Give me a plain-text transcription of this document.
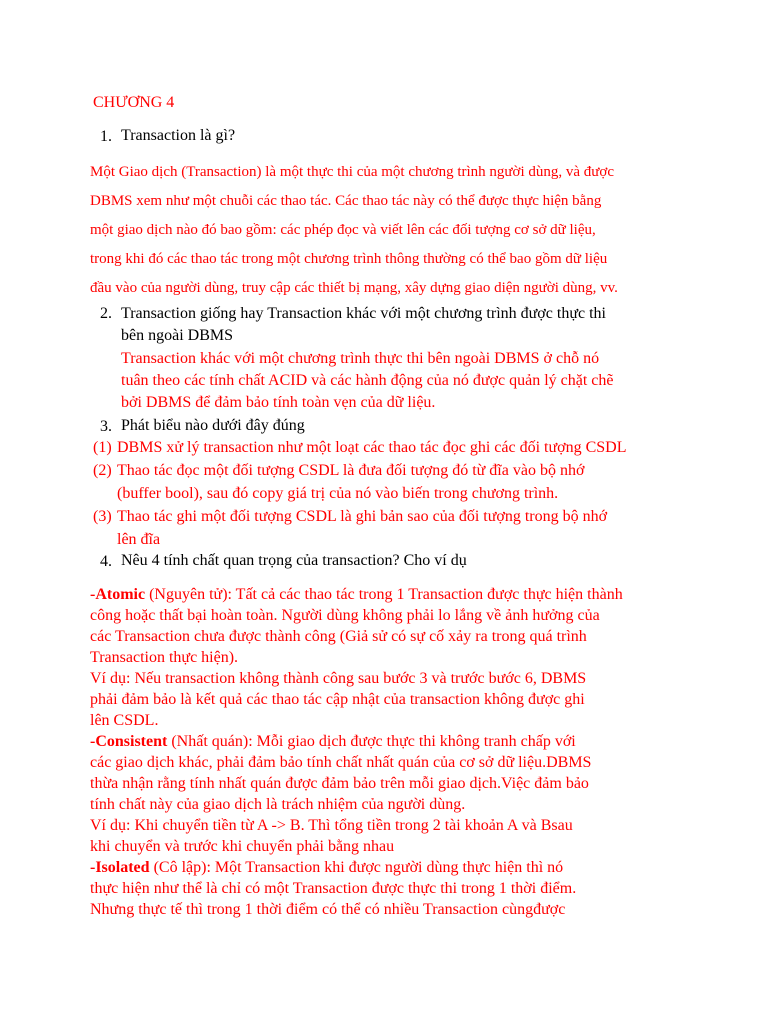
CHƯƠNG 4
1. Transaction là gì?
Một Giao dịch (Transaction) là một thực thi của một chương trình người dùng, và được
DBMS xem như một chuỗi các thao tác. Các thao tác này có thể được thực hiện bằng
một giao dịch nào đó bao gồm: các phép đọc và viết lên các đối tượng cơ sở dữ liệu,
trong khi đó các thao tác trong một chương trình thông thường có thể bao gồm dữ liệu
đầu vào của người dùng, truy cập các thiết bị mạng, xây dựng giao diện người dùng, vv.
2. Transaction giống hay Transaction khác với một chương trình được thực thi
bên ngoài DBMS
Transaction khác với một chương trình thực thi bên ngoài DBMS ở chỗ nó
tuân theo các tính chất ACID và các hành động của nó được quản lý chặt chẽ
bởi DBMS để đảm bảo tính toàn vẹn của dữ liệu.
3. Phát biểu nào dưới đây đúng
(1) DBMS xử lý transaction như một loạt các thao tác đọc ghi các đối tượng CSDL
(2) Thao tác đọc một đối tượng CSDL là đưa đối tượng đó từ đĩa vào bộ nhớ
(buffer bool), sau đó copy giá trị của nó vào biến trong chương trình.
(3) Thao tác ghi một đối tượng CSDL là ghi bản sao của đối tượng trong bộ nhớ
lên đĩa
4. Nêu 4 tính chất quan trọng của transaction? Cho ví dụ
-Atomic (Nguyên tử): Tất cả các thao tác trong 1 Transaction được thực hiện thành
công hoặc thất bại hoàn toàn. Người dùng không phải lo lắng về ảnh hưởng của
các Transaction chưa được thành công (Giả sử có sự cố xảy ra trong quá trình
Transaction thực hiện).
Ví dụ: Nếu transaction không thành công sau bước 3 và trước bước 6, DBMS
phải đảm bảo là kết quả các thao tác cập nhật của transaction không được ghi
lên CSDL.
-Consistent (Nhất quán): Mỗi giao dịch được thực thi không tranh chấp với
các giao dịch khác, phải đảm bảo tính chất nhất quán của cơ sở dữ liệu.DBMS
thừa nhận rằng tính nhất quán được đảm bảo trên mỗi giao dịch.Việc đảm bảo
tính chất này của giao dịch là trách nhiệm của người dùng.
Ví dụ: Khi chuyển tiền từ A -> B. Thì tổng tiền trong 2 tài khoản A và Bsau
khi chuyển và trước khi chuyển phải bằng nhau
-Isolated (Cô lập): Một Transaction khi được người dùng thực hiện thì nó
thực hiện như thể là chỉ có một Transaction được thực thi trong 1 thời điểm.
Nhưng thực tế thì trong 1 thời điểm có thể có nhiều Transaction cùngđược
